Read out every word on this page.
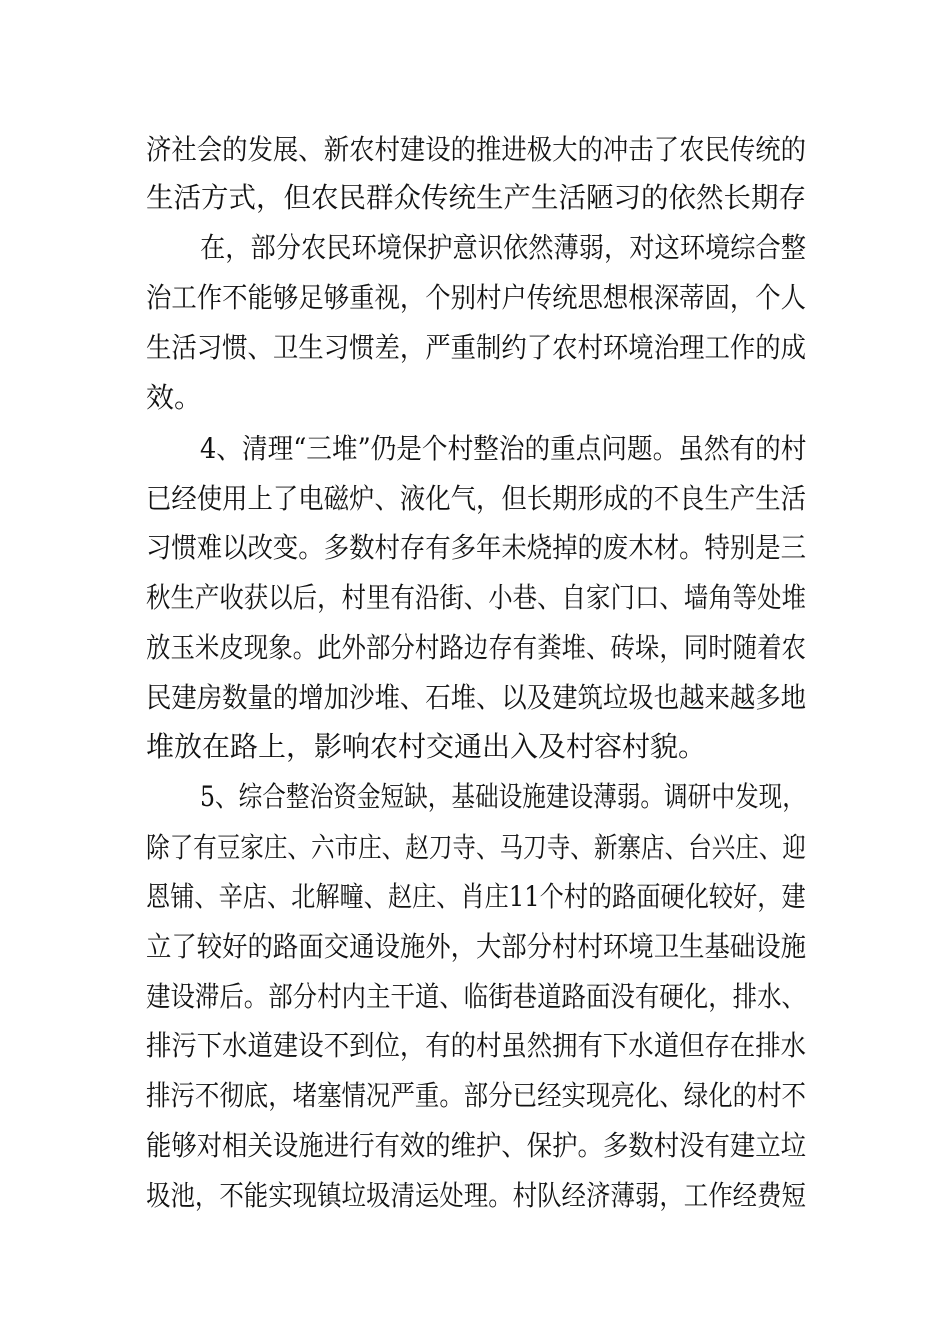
济社会的发展、新农村建设的推进极大的冲击了农民传统的
生活方式，但农民群众传统生产生活陋习的依然长期存
在，部分农民环境保护意识依然薄弱，对这环境综合整
治工作不能够足够重视，个别村户传统思想根深蒂固，个人
生活习惯、卫生习惯差，严重制约了农村环境治理工作的成
效。
4、清理“三堆”仍是个村整治的重点问题。虽然有的村
已经使用上了电磁炉、液化气，但长期形成的不良生产生活
习惯难以改变。多数村存有多年未烧掉的废木材。特别是三
秋生产收获以后，村里有沿街、小巷、自家门口、墙角等处堆
放玉米皮现象。此外部分村路边存有粪堆、砖垛，同时随着农
民建房数量的增加沙堆、石堆、以及建筑垃圾也越来越多地
堆放在路上，影响农村交通出入及村容村貌。
5、综合整治资金短缺，基础设施建设薄弱。调研中发现，
除了有豆家庄、六市庄、赵刀寺、马刀寺、新寨店、台兴庄、迎
恩铺、辛店、北解疃、赵庄、肖庄11个村的路面硬化较好，建
立了较好的路面交通设施外，大部分村村环境卫生基础设施
建设滞后。部分村内主干道、临街巷道路面没有硬化，排水、
排污下水道建设不到位，有的村虽然拥有下水道但存在排水
排污不彻底，堵塞情况严重。部分已经实现亮化、绿化的村不
能够对相关设施进行有效的维护、保护。多数村没有建立垃
圾池，不能实现镇垃圾清运处理。村队经济薄弱，工作经费短
